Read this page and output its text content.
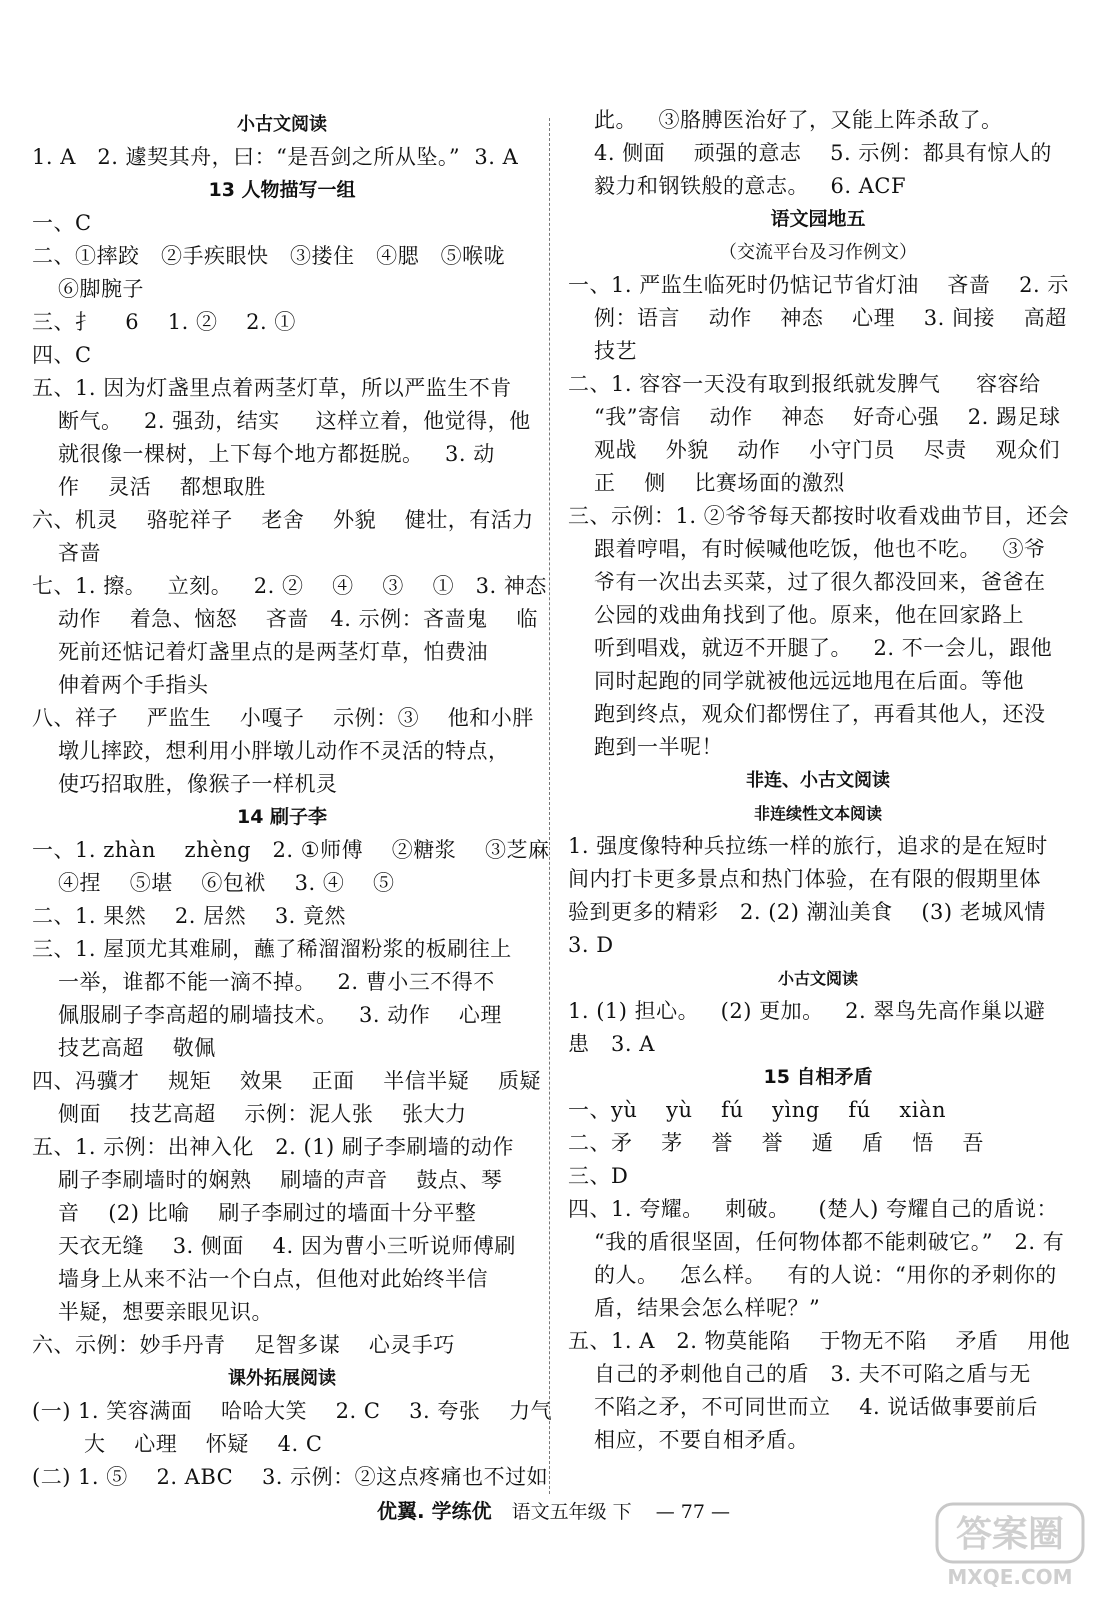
小古文阅读
1. A   2. 遽契其舟，曰：“是吾剑之所从坠。”  3. A
13 人物描写一组
一、C
二、①摔跤   ②手疾眼快   ③搂住   ④腮   ⑤喉咙
⑥脚腕子
三、扌    6    1. ②    2. ①
四、C
五、1. 因为灯盏里点着两茎灯草，所以严监生不肯
断气。   2. 强劲，结实     这样立着，他觉得，他
就很像一棵树，上下每个地方都挺脱。   3. 动
作    灵活    都想取胜
六、机灵    骆驼祥子    老舍    外貌    健壮，有活力
吝啬
七、1. 擦。   立刻。   2. ②    ④    ③    ①   3. 神态
动作    着急、恼怒    吝啬   4. 示例：吝啬鬼    临
死前还惦记着灯盏里点的是两茎灯草，怕费油
伸着两个手指头
八、祥子    严监生    小嘎子    示例：③    他和小胖
墩儿摔跤，想利用小胖墩儿动作不灵活的特点，
使巧招取胜，像猴子一样机灵
14 刷子李
一、1. zhàn    zhèng   2. ①师傅    ②糖浆    ③芝麻
④捏    ⑤堪    ⑥包袱    3. ④    ⑤
二、1. 果然    2. 居然    3. 竟然
三、1. 屋顶尤其难刷，蘸了稀溜溜粉浆的板刷往上
一举，谁都不能一滴不掉。   2. 曹小三不得不
佩服刷子李高超的刷墙技术。   3. 动作    心理
技艺高超    敬佩
四、冯骥才    规矩    效果    正面    半信半疑    质疑
侧面    技艺高超    示例：泥人张    张大力
五、1. 示例：出神入化   2. (1) 刷子李刷墙的动作
刷子李刷墙时的娴熟    刷墙的声音    鼓点、琴
音    (2) 比喻    刷子李刷过的墙面十分平整
天衣无缝    3. 侧面    4. 因为曹小三听说师傅刷
墙身上从来不沾一个白点，但他对此始终半信
半疑，想要亲眼见识。
六、示例：妙手丹青    足智多谋    心灵手巧
课外拓展阅读
(一) 1. 笑容满面    哈哈大笑    2. C    3. 夸张    力气
大    心理    怀疑    4. C
(二) 1. ⑤    2. ABC    3. 示例：②这点疼痛也不过如
此。   ③胳膊医治好了，又能上阵杀敌了。
4. 侧面    顽强的意志    5. 示例：都具有惊人的
毅力和钢铁般的意志。   6. ACF
语文园地五
（交流平台及习作例文）
一、1. 严监生临死时仍惦记节省灯油    吝啬    2. 示
例：语言    动作    神态    心理    3. 间接    高超
技艺
二、1. 容容一天没有取到报纸就发脾气     容容给
“我”寄信    动作    神态    好奇心强    2. 踢足球
观战    外貌    动作    小守门员    尽责    观众们
正    侧    比赛场面的激烈
三、示例：1. ②爷爷每天都按时收看戏曲节目，还会
跟着哼唱，有时候喊他吃饭，他也不吃。   ③爷
爷有一次出去买菜，过了很久都没回来，爸爸在
公园的戏曲角找到了他。原来，他在回家路上
听到唱戏，就迈不开腿了。   2. 不一会儿，跟他
同时起跑的同学就被他远远地甩在后面。等他
跑到终点，观众们都愣住了，再看其他人，还没
跑到一半呢！
非连、小古文阅读
非连续性文本阅读
1. 强度像特种兵拉练一样的旅行，追求的是在短时
间内打卡更多景点和热门体验，在有限的假期里体
验到更多的精彩   2. (2) 潮汕美食    (3) 老城风情
3. D
小古文阅读
1. (1) 担心。   (2) 更加。   2. 翠鸟先高作巢以避
患   3. A
15 自相矛盾
一、yù    yù    fú    yìng    fú    xiàn
二、矛    茅    誉    誉    遁    盾    悟    吾
三、D
四、1. 夸耀。   刺破。    (楚人) 夸耀自己的盾说：
“我的盾很坚固，任何物体都不能刺破它。”   2. 有
的人。   怎么样。   有的人说：“用你的矛刺你的
盾，结果会怎么样呢？”
五、1. A   2. 物莫能陷    于物无不陷    矛盾    用他
自己的矛刺他自己的盾   3. 夫不可陷之盾与无
不陷之矛，不可同世而立    4. 说话做事要前后
相应，不要自相矛盾。
优翼. 学练优 语文五年级 下 — 77 —
答案圈
MXQE.COM
